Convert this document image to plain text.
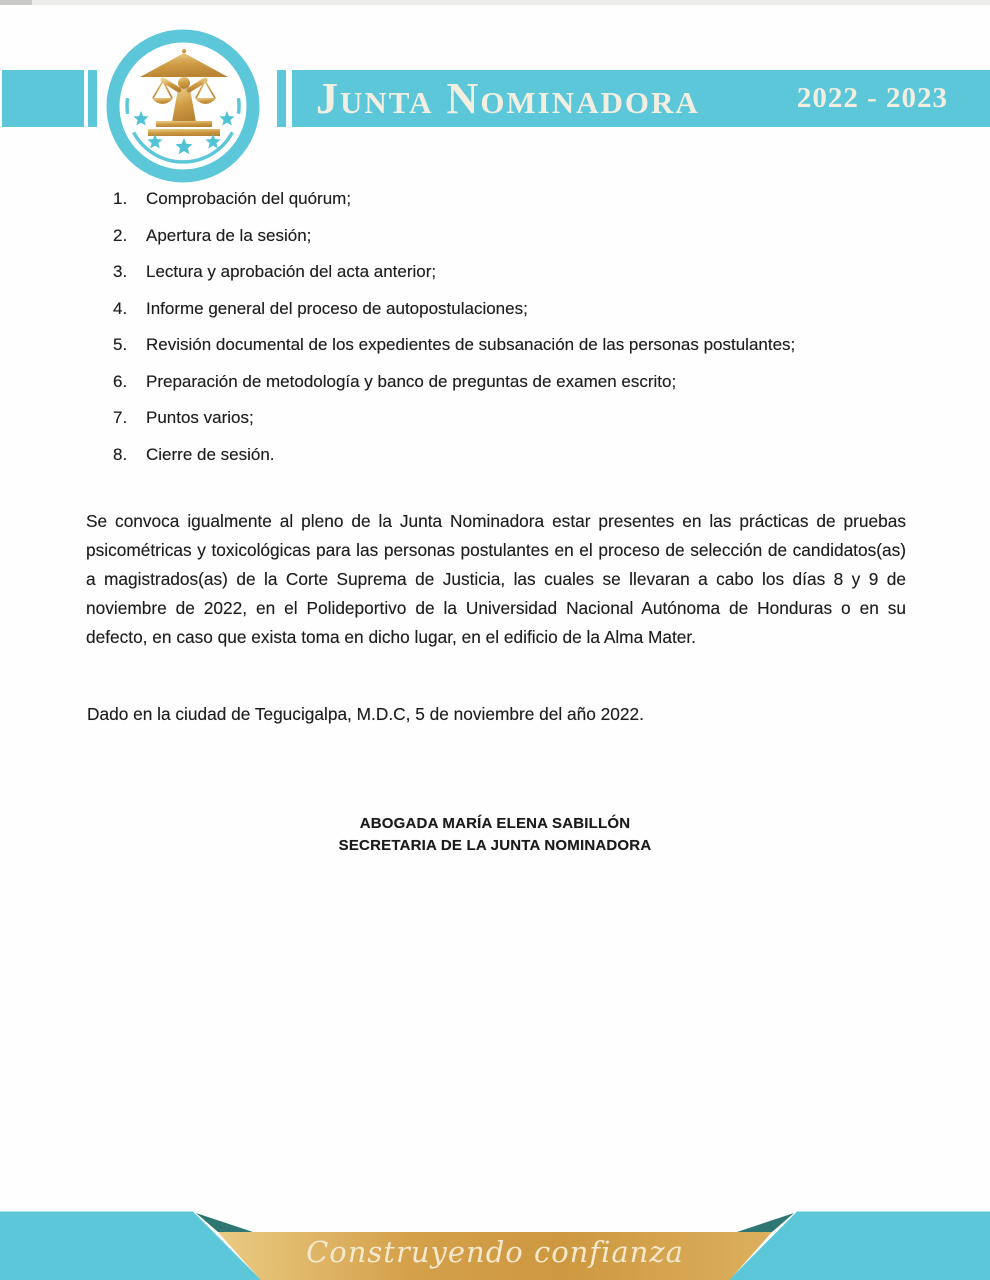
Junta Nominadora	2022 - 2023
1.	Comprobación del quórum;
2.	Apertura de la sesión;
3.	Lectura y aprobación del acta anterior;
4.	Informe general del proceso de autopostulaciones;
5.	Revisión documental de los expedientes de subsanación de las personas postulantes;
6.	Preparación de metodología y banco de preguntas de examen escrito;
7.	Puntos varios;
8.	Cierre de sesión.

Se convoca igualmente al pleno de la Junta Nominadora estar presentes en las prácticas de pruebas psicométricas y toxicológicas para las personas postulantes en el proceso de selección de candidatos(as) a magistrados(as) de la Corte Suprema de Justicia, las cuales se llevaran a cabo los días 8 y 9 de noviembre de 2022, en el Polideportivo de la Universidad Nacional Autónoma de Honduras o en su defecto, en caso que exista toma en dicho lugar, en el edificio de la Alma Mater.

Dado en la ciudad de Tegucigalpa, M.D.C, 5 de noviembre del año 2022.

ABOGADA MARÍA ELENA SABILLÓN
SECRETARIA DE LA JUNTA NOMINADORA
Construyendo confianza
